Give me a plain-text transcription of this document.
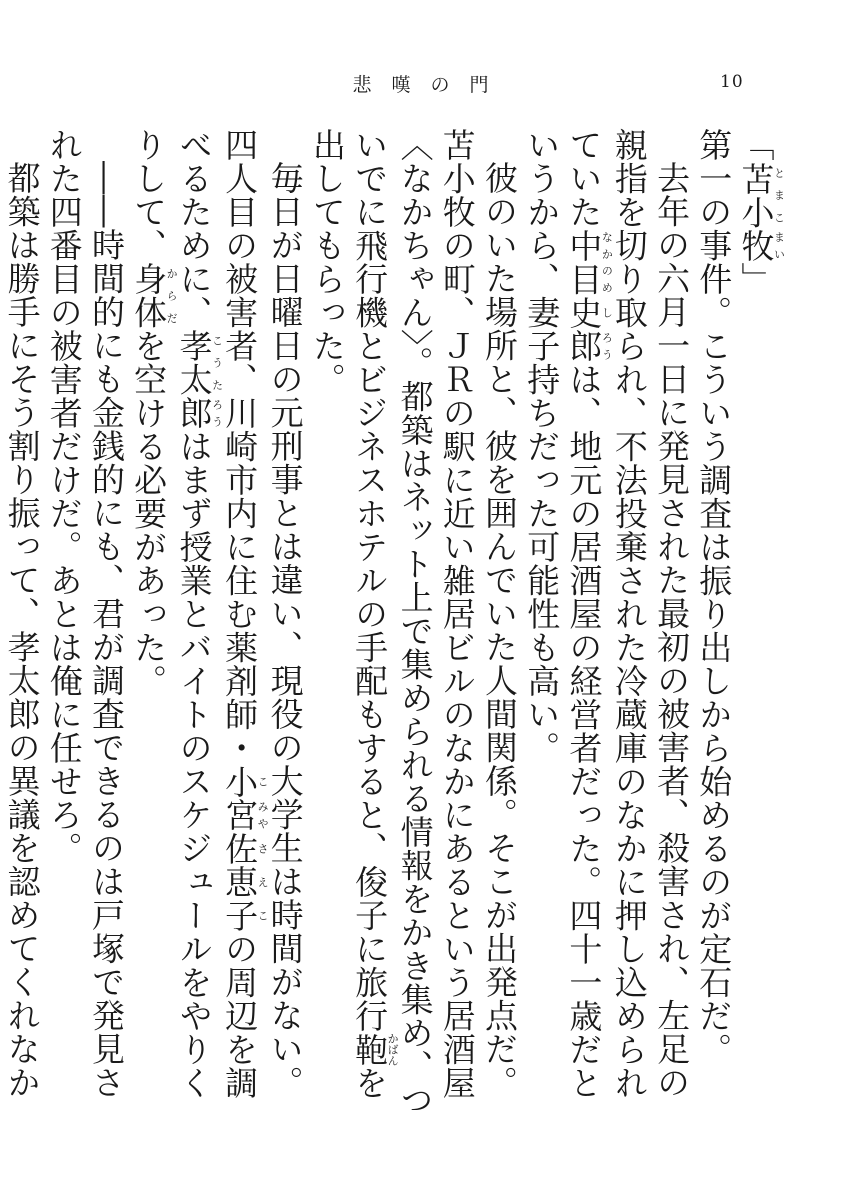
悲嘆の門	10

「苫小とまこ牧まい」

第一の事件。こういう調査は振り出しから始めるのが定石だ。

去年の六月一日に発見された最初の被害者、殺害され、左足の親指を切り取られ、不法投棄された冷蔵庫のなかに押し込められていた中目なかのめ史し郎ろうは、地元の居酒屋の経営者だった。四十一歳だというから、妻子持ちだった可能性も高い。

彼のいた場所と、彼を囲んでいた人間関係。そこが出発点だ。苫小牧の町、ＪＲの駅に近い雑居ビルのなかにあるという居酒屋〈なかちゃん〉。都築はネット上で集められる情報をかき集め、ついでに飛行機とビジネスホテルの手配もすると、俊子に旅行鞄かばんを出してもらった。

毎日が日曜日の元刑事とは違い、現役の大学生は時間がない。四人目の被害者、川崎市内に住む薬剤師・小こ宮みや佐さ恵え子この周辺を調べるために、孝太こうた郎ろうはまず授業とバイトのスケジュールをやりくりして、身体からだを空ける必要があった。

――時間的にも金銭的にも、君が調査できるのは戸塚で発見された四番目の被害者だけだ。あとは俺に任せろ。

都築は勝手にそう割り振って、孝太郎の異議を認めてくれなか
